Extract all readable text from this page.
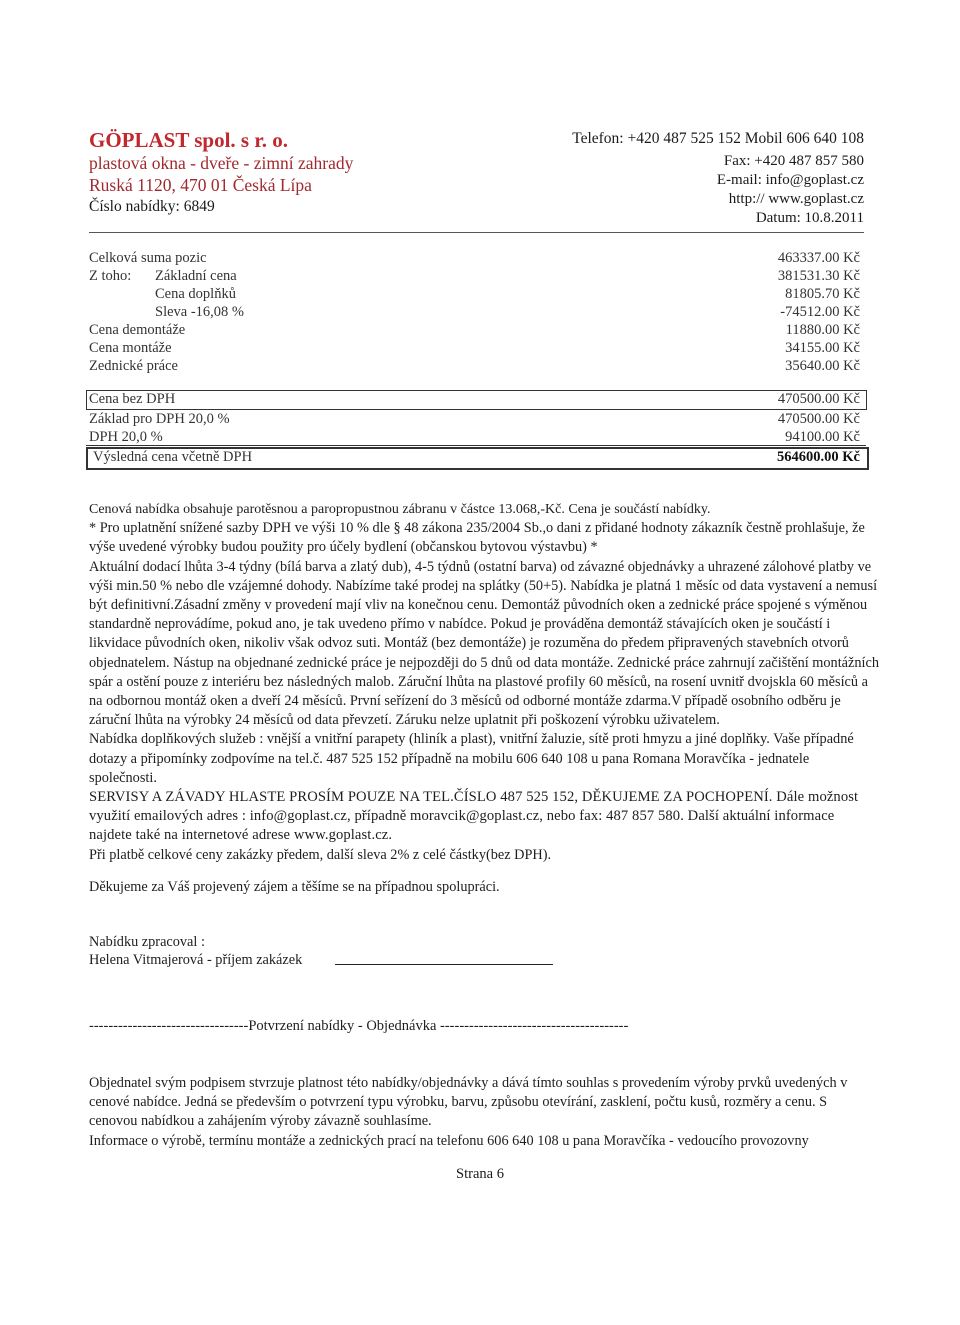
GÖPLAST spol. s r. o.
plastová okna - dveře - zimní zahrady
Ruská 1120, 470 01 Česká Lípa
Číslo nabídky: 6849
Telefon: +420 487 525 152 Mobil 606 640 108
Fax: +420 487 857 580
E-mail: info@goplast.cz
http:// www.goplast.cz
Datum: 10.8.2011
Celková suma pozic	463337.00 Kč
Z toho: Základní cena	381531.30 Kč
Cena doplňků	81805.70 Kč
Sleva -16,08 %	-74512.00 Kč
Cena demontáže	11880.00 Kč
Cena montáže	34155.00 Kč
Zednické práce	35640.00 Kč
Cena bez DPH	470500.00 Kč
Základ pro DPH 20,0 %	470500.00 Kč
DPH 20,0 %	94100.00 Kč
Výsledná cena včetně DPH	564600.00 Kč

Cenová nabídka obsahuje parotěsnou a paropropustnou zábranu v částce 13.068,-Kč. Cena je součástí nabídky.

* Pro uplatnění snížené sazby DPH ve výši 10 % dle § 48 zákona 235/2004 Sb.,o dani z přidané hodnoty zákazník čestně prohlašuje, že výše uvedené výrobky budou použity pro účely bydlení (občanskou bytovou výstavbu) *

Aktuální dodací lhůta 3-4 týdny (bílá barva a zlatý dub), 4-5 týdnů (ostatní barva) od závazné objednávky a uhrazené zálohové platby ve výši min.50 % nebo dle vzájemné dohody. Nabízíme také prodej na splátky (50+5). Nabídka je platná 1 měsíc od data vystavení a nemusí být definitivní.Zásadní změny v provedení mají vliv na konečnou cenu. Demontáž původních oken a zednické práce spojené s výměnou standardně neprovádíme, pokud ano, je tak uvedeno přímo v nabídce. Pokud je prováděna demontáž stávajících oken je součástí i likvidace původních oken, nikoliv však odvoz suti. Montáž (bez demontáže) je rozuměna do předem připravených stavebních otvorů objednatelem. Nástup na objednané zednické práce je nejpozději do 5 dnů od data montáže. Zednické práce zahrnují začištění montážních spár a ostění pouze z interiéru bez následných malob. Záruční lhůta na plastové profily 60 měsíců, na rosení uvnitř dvojskla 60 měsíců a na odbornou montáž oken a dveří 24 měsíců. První seřízení do 3 měsíců od odborné montáže zdarma.V případě osobního odběru je záruční lhůta na výrobky 24 měsíců od data převzetí. Záruku nelze uplatnit při poškození výrobku uživatelem.

Nabídka doplňkových služeb : vnější a vnitřní parapety (hliník a plast), vnitřní žaluzie, sítě proti hmyzu a jiné doplňky. Vaše případné dotazy a připomínky zodpovíme na tel.č. 487 525 152 případně na mobilu 606 640 108 u pana Romana Moravčíka - jednatele společnosti.

SERVISY A ZÁVADY HLASTE PROSÍM POUZE NA TEL.ČÍSLO 487 525 152, DĚKUJEME ZA POCHOPENÍ. Dále možnost využití emailových adres : info@goplast.cz, případně moravcik@goplast.cz, nebo fax: 487 857 580. Další aktuální informace najdete také na internetové adrese www.goplast.cz.

Při platbě celkové ceny zakázky předem, další sleva 2% z celé částky(bez DPH).

Děkujeme za Váš projevený zájem a těšíme se na případnou spolupráci.
Nabídku zpracoval :
Helena Vitmajerová - příjem zakázek
---------------------------------Potvrzení nabídky - Objednávka ---------------------------------------

Objednatel svým podpisem stvrzuje platnost této nabídky/objednávky a dává tímto souhlas s provedením výroby prvků uvedených v cenové nabídce. Jedná se především o potvrzení typu výrobku, barvu, způsobu otevírání, zasklení, počtu kusů, rozměry a cenu. S cenovou nabídkou a zahájením výroby závazně souhlasíme.

Informace o výrobě, termínu montáže a zednických prací na telefonu 606 640 108 u pana Moravčíka - vedoucího provozovny

Strana 6
